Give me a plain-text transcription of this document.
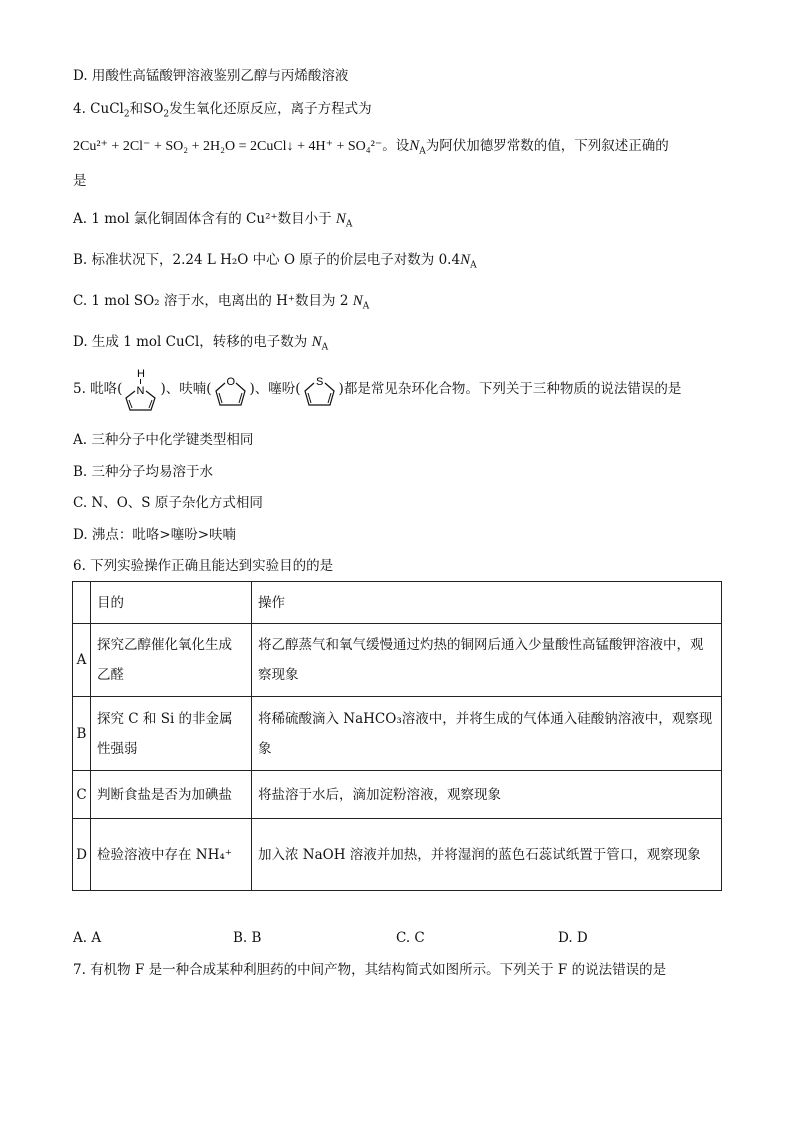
D. 用酸性高锰酸钾溶液鉴别乙醇与丙烯酸溶液
4. CuCl$_2$和$SO_2$发生氧化还原反应，离子方程式为
2Cu²⁺ + 2Cl⁻ + SO₂ + 2H₂O = 2CuCl↓ + 4H⁺ + SO₄²⁻。设$N_A$为阿伏加德罗常数的值，下列叙述正确的
是
A. 1 mol 氯化铜固体含有的 Cu²⁺数目小于 $N_A$
B. 标准状况下，2.24 L H₂O 中心 O 原子的价层电子对数为 $0.4N_A$
C. 1 mol SO₂ 溶于水，电离出的 H⁺数目为 2 $N_A$
D. 生成 1 mol CuCl，转移的电子数为 $N_A$
5. 吡咯(
H
N )、呋喃( O )、噻吩( S )都是常见杂环化合物。下列关于三种物质的说法错误的是
A. 三种分子中化学键类型相同
B. 三种分子均易溶于水
C. N、O、S 原子杂化方式相同
D. 沸点：吡咯>噻吩>呋喃
6. 下列实验操作正确且能达到实验目的的是
	目的	操作
A	探究乙醇催化氧化生成乙醛	将乙醇蒸气和氧气缓慢通过灼热的铜网后通入少量酸性高锰酸钾溶液中，观察现象

B	探究 C 和 Si 的非金属性强弱	将稀硫酸滴入 NaHCO₃溶液中，并将生成的气体通入硅酸钠溶液中，观察现象

C	判断食盐是否为加碘盐	将盐溶于水后，滴加淀粉溶液，观察现象
D	检验溶液中存在 NH₄⁺	加入浓 NaOH 溶液并加热，并将湿润的蓝色石蕊试纸置于管口，观察现象
A. A	B. B	C. C	D. D
7. 有机物 F 是一种合成某种利胆药的中间产物，其结构简式如图所示。下列关于 F 的说法错误的是
